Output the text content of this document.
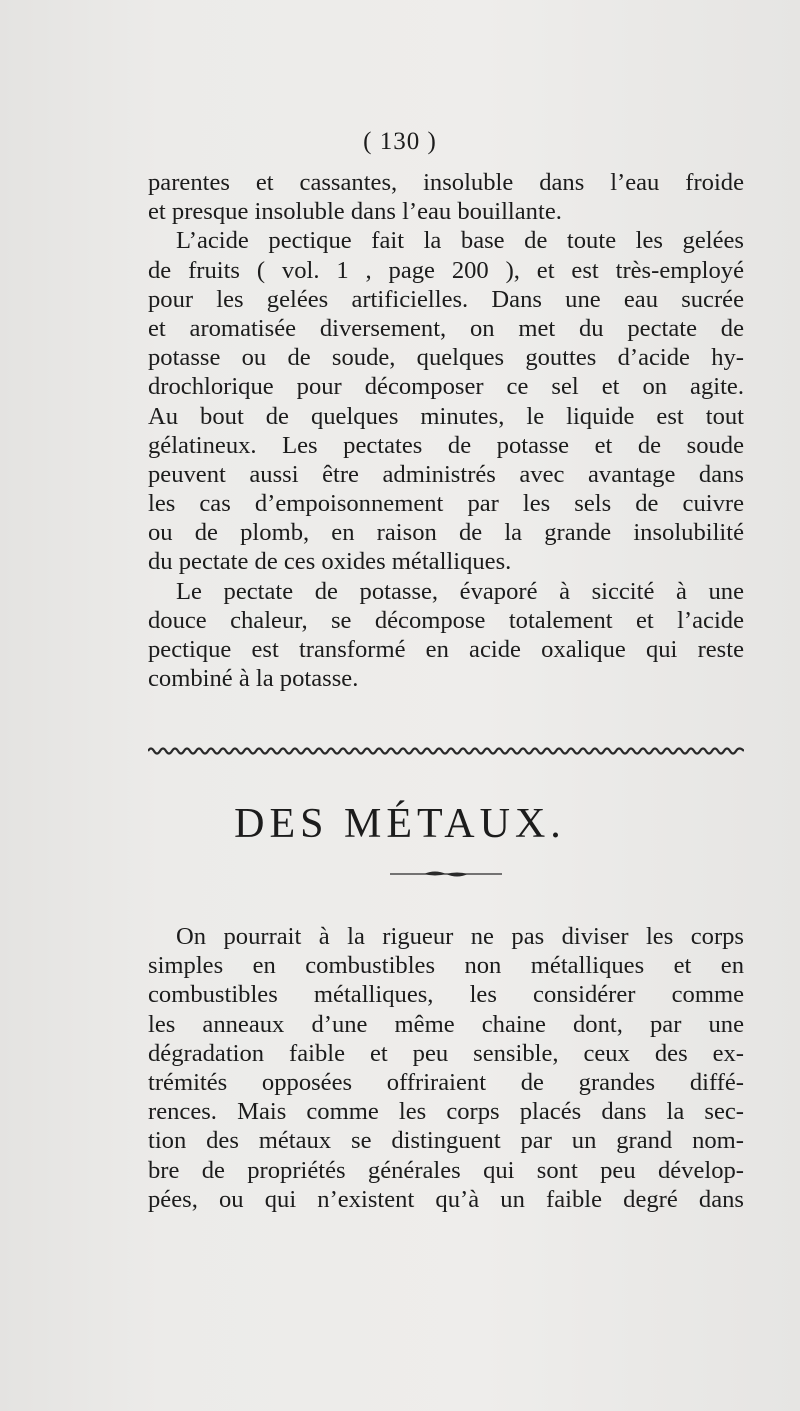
( 130 )
parentes et cassantes, insoluble dans l’eau froide
et presque insoluble dans l’eau bouillante.
L’acide pectique fait la base de toute les gelées
de fruits ( vol. 1 , page 200 ), et est très-employé
pour les gelées artificielles. Dans une eau sucrée
et aromatisée diversement, on met du pectate de
potasse ou de soude, quelques gouttes d’acide hy-
drochlorique pour décomposer ce sel et on agite.
Au bout de quelques minutes, le liquide est tout
gélatineux. Les pectates de potasse et de soude
peuvent aussi être administrés avec avantage dans
les cas d’empoisonnement par les sels de cuivre
ou de plomb, en raison de la grande insolubilité
du pectate de ces oxides métalliques.
Le pectate de potasse, évaporé à siccité à une
douce chaleur, se décompose totalement et l’acide
pectique est transformé en acide oxalique qui reste
combiné à la potasse.
DES MÉTAUX.
On pourrait à la rigueur ne pas diviser les corps
simples en combustibles non métalliques et en
combustibles métalliques, les considérer comme
les anneaux d’une même chaine dont, par une
dégradation faible et peu sensible, ceux des ex-
trémités opposées offriraient de grandes diffé-
rences. Mais comme les corps placés dans la sec-
tion des métaux se distinguent par un grand nom-
bre de propriétés générales qui sont peu dévelop-
pées, ou qui n’existent qu’à un faible degré dans
